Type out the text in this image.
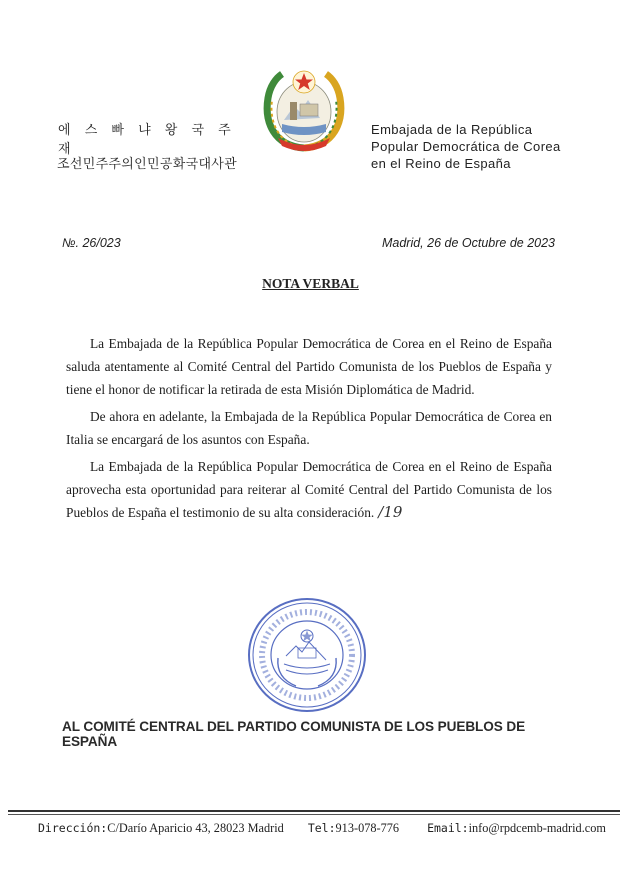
에 스 빠 냐 왕 국 주 재
조선민주주의인민공화국대사관
Embajada de la República
Popular Democrática de Corea
en el Reino de España
№. 26/023	Madrid, 26 de Octubre de 2023
NOTA VERBAL

La Embajada de la República Popular Democrática de Corea en el Reino de España saluda atentamente al Comité Central del Partido Comunista de los Pueblos de España y tiene el honor de notificar la retirada de esta Misión Diplomática de Madrid.

De ahora en adelante, la Embajada de la República Popular Democrática de Corea en Italia se encargará de los asuntos con España.

La Embajada de la República Popular Democrática de Corea en el Reino de España aprovecha esta oportunidad para reiterar al Comité Central del Partido Comunista de los Pueblos de España el testimonio de su alta consideración. /19

AL COMITÉ CENTRAL DEL PARTIDO COMUNISTA DE LOS PUEBLOS DE ESPAÑA
Dirección:C/Darío Aparicio 43, 28023 Madrid Tel:913-078-776 Email:info@rpdcemb-madrid.com
